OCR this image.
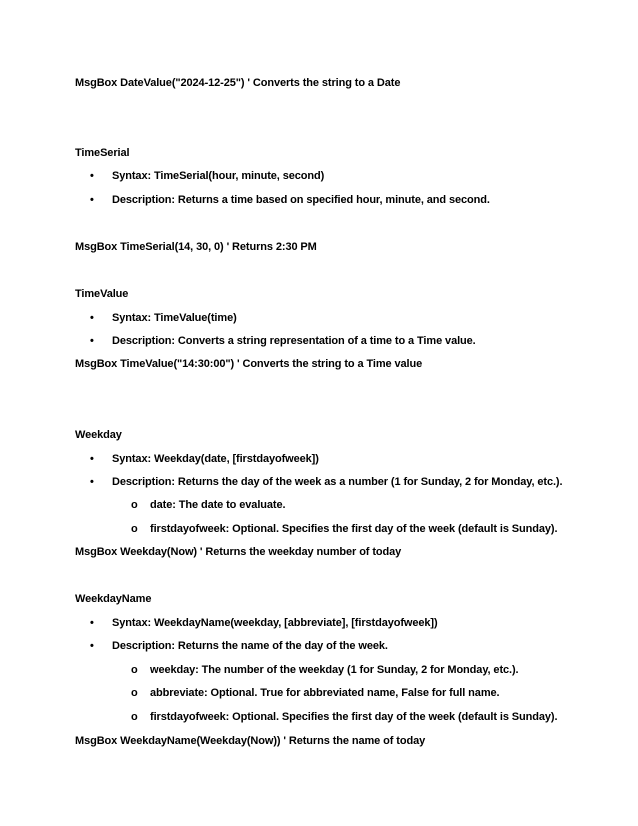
MsgBox DateValue("2024-12-25") ' Converts the string to a Date
TimeSerial
• Syntax: TimeSerial(hour, minute, second)
• Description: Returns a time based on specified hour, minute, and second.
MsgBox TimeSerial(14, 30, 0) ' Returns 2:30 PM
TimeValue
• Syntax: TimeValue(time)
• Description: Converts a string representation of a time to a Time value.
MsgBox TimeValue("14:30:00") ' Converts the string to a Time value
Weekday
• Syntax: Weekday(date, [firstdayofweek])
• Description: Returns the day of the week as a number (1 for Sunday, 2 for Monday, etc.).
o date: The date to evaluate.
o firstdayofweek: Optional. Specifies the first day of the week (default is Sunday).
MsgBox Weekday(Now) ' Returns the weekday number of today
WeekdayName
• Syntax: WeekdayName(weekday, [abbreviate], [firstdayofweek])
• Description: Returns the name of the day of the week.
o weekday: The number of the weekday (1 for Sunday, 2 for Monday, etc.).
o abbreviate: Optional. True for abbreviated name, False for full name.
o firstdayofweek: Optional. Specifies the first day of the week (default is Sunday).
MsgBox WeekdayName(Weekday(Now)) ' Returns the name of today
